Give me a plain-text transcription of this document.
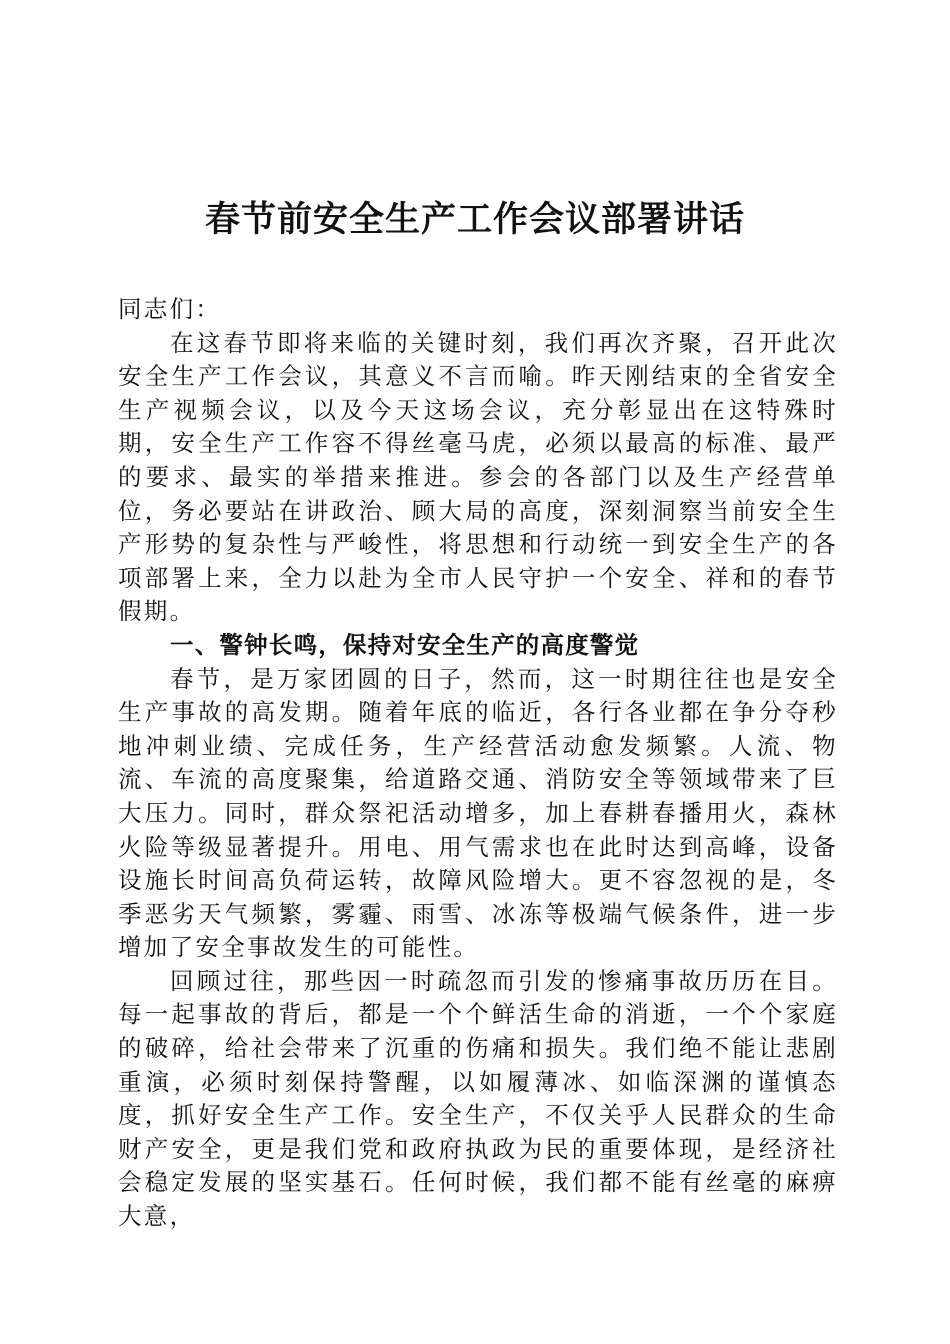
春节前安全生产工作会议部署讲话

同志们：

在这春节即将来临的关键时刻，我们再次齐聚，召开此次安全生产工作会议，其意义不言而喻。昨天刚结束的全省安全生产视频会议，以及今天这场会议，充分彰显出在这特殊时期，安全生产工作容不得丝毫马虎，必须以最高的标准、最严的要求、最实的举措来推进。参会的各部门以及生产经营单位，务必要站在讲政治、顾大局的高度，深刻洞察当前安全生产形势的复杂性与严峻性，将思想和行动统一到安全生产的各项部署上来，全力以赴为全市人民守护一个安全、祥和的春节假期。

一、警钟长鸣，保持对安全生产的高度警觉

春节，是万家团圆的日子，然而，这一时期往往也是安全生产事故的高发期。随着年底的临近，各行各业都在争分夺秒地冲刺业绩、完成任务，生产经营活动愈发频繁。人流、物流、车流的高度聚集，给道路交通、消防安全等领域带来了巨大压力。同时，群众祭祀活动增多，加上春耕春播用火，森林火险等级显著提升。用电、用气需求也在此时达到高峰，设备设施长时间高负荷运转，故障风险增大。更不容忽视的是，冬季恶劣天气频繁，雾霾、雨雪、冰冻等极端气候条件，进一步增加了安全事故发生的可能性。

回顾过往，那些因一时疏忽而引发的惨痛事故历历在目。每一起事故的背后，都是一个个鲜活生命的消逝，一个个家庭的破碎，给社会带来了沉重的伤痛和损失。我们绝不能让悲剧重演，必须时刻保持警醒，以如履薄冰、如临深渊的谨慎态度，抓好安全生产工作。安全生产，不仅关乎人民群众的生命财产安全，更是我们党和政府执政为民的重要体现，是经济社会稳定发展的坚实基石。任何时候，我们都不能有丝毫的麻痹大意，
